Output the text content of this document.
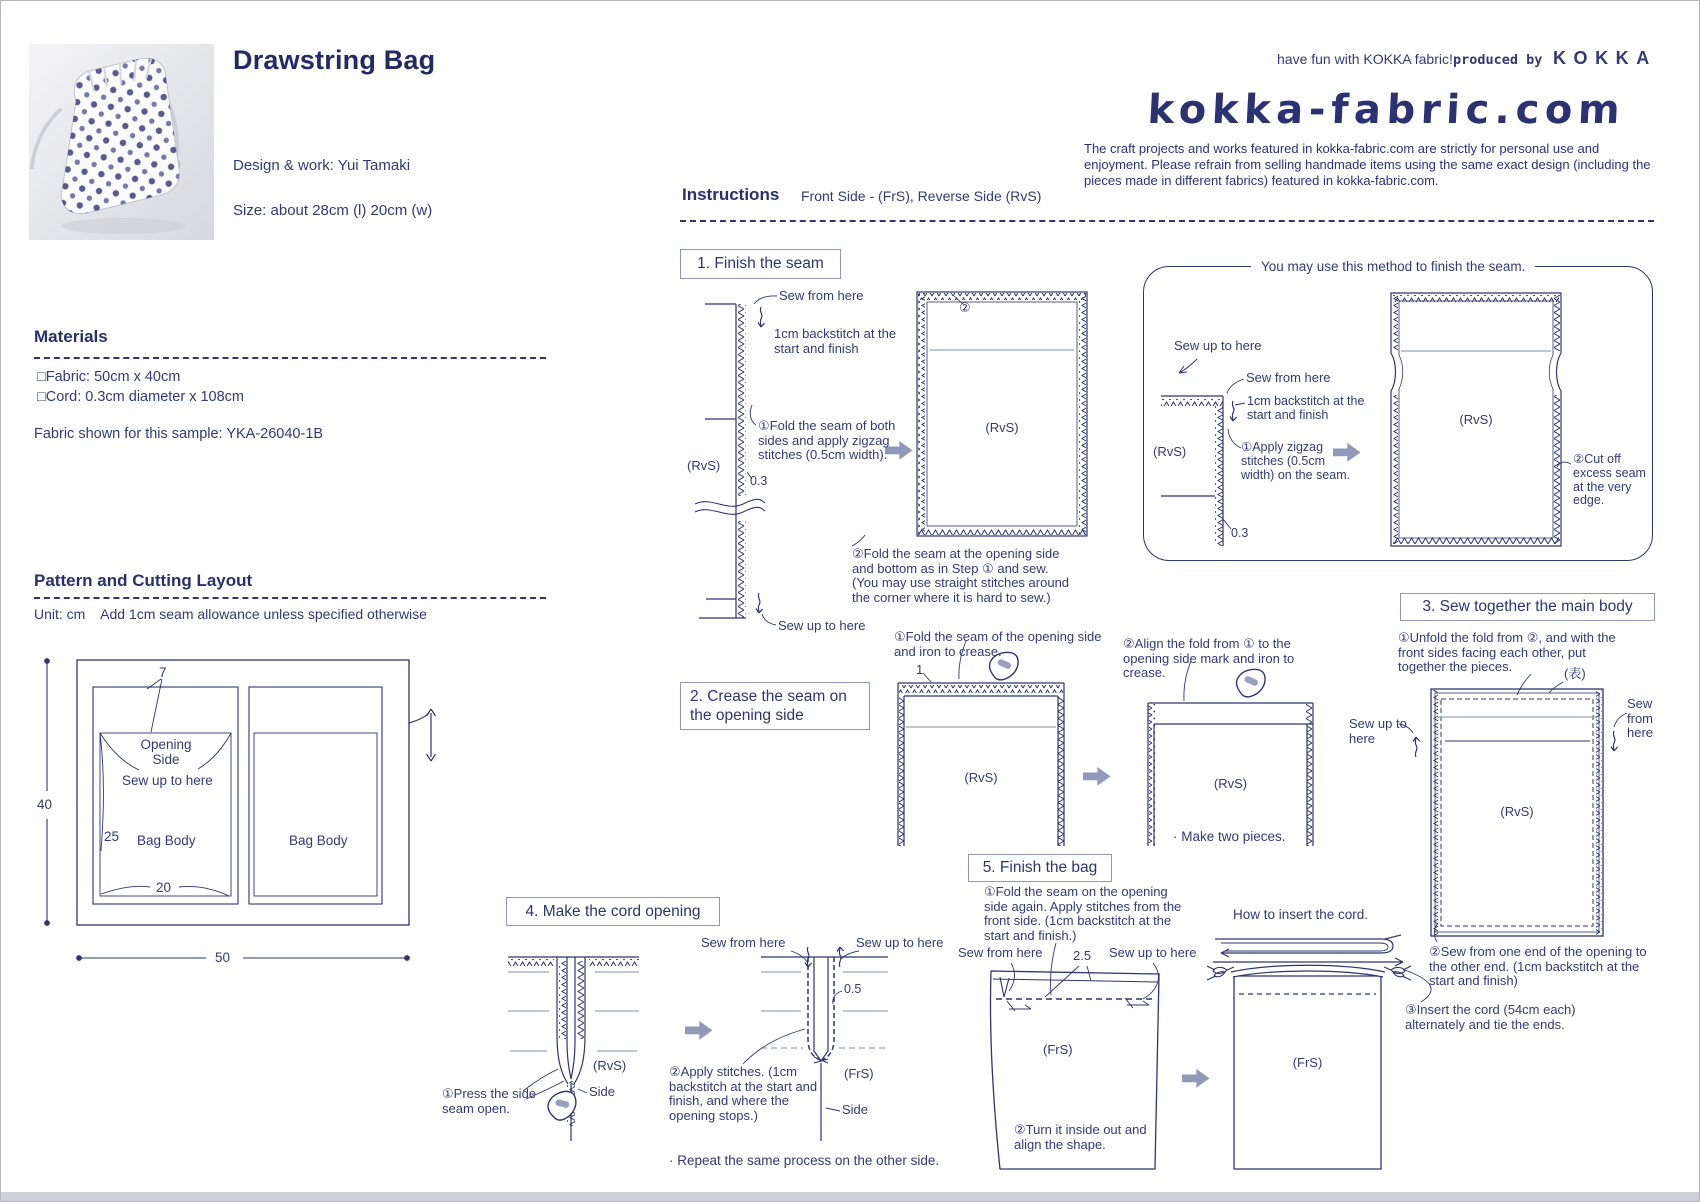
Drawstring Bag
Design & work: Yui Tamaki
Size: about 28cm (l) 20cm (w)
have fun with KOKKA fabric! produced by KOKKA
kokka-fabric.com
The craft projects and works featured in kokka-fabric.com are strictly for personal use and enjoyment. Please refrain from selling handmade items using the same exact design (including the pieces made in different fabrics) featured in kokka-fabric.com.
Materials
□Fabric: 50cm x 40cm
□Cord: 0.3cm diameter x 108cm
Fabric shown for this sample: YKA-26040-1B
Pattern and Cutting Layout
Unit: cm    Add 1cm seam allowance unless specified otherwise
7
Opening Side
Sew up to here
25 Bag Body	Bag Body
20
40
50
Instructions Front Side - (FrS), Reverse Side (RvS)
1. Finish the seam
Sew from here
1cm backstitch at the start and finish
①Fold the seam of both sides and apply zigzag stitches (0.5cm width).
(RvS)
0.3
Sew up to here
②
(RvS)
②Fold the seam at the opening side and bottom as in Step ① and sew. (You may use straight stitches around the corner where it is hard to sew.)
You may use this method to finish the seam.
Sew up to here
Sew from here
1cm backstitch at the start and finish
(RvS)	①Apply zigzag stitches (0.5cm width) on the seam.
0.3
(RvS)
②Cut off excess seam at the very edge.
2. Crease the seam on the opening side
①Fold the seam of the opening side and iron to crease.
1
(RvS)
②Align the fold from ① to the opening side mark and iron to crease.
(RvS)
· Make two pieces.
3. Sew together the main body
①Unfold the fold from ②, and with the front sides facing each other, put together the pieces.	(表)
Sew up to here
Sew from here
(RvS)
②Sew from one end of the opening to the other end. (1cm backstitch at the start and finish)
③Insert the cord (54cm each) alternately and tie the ends.
How to insert the cord.
4. Make the cord opening
①Press the side seam open.
(RvS)
Side
Sew from here	Sew up to here
0.5
(FrS)
Side
②Apply stitches. (1cm backstitch at the start and finish, and where the opening stops.)
· Repeat the same process on the other side.
5. Finish the bag
①Fold the seam on the opening side again. Apply stitches from the front side. (1cm backstitch at the start and finish.)
Sew from here 2.5 Sew up to here
(FrS)
②Turn it inside out and align the shape.
(FrS)
